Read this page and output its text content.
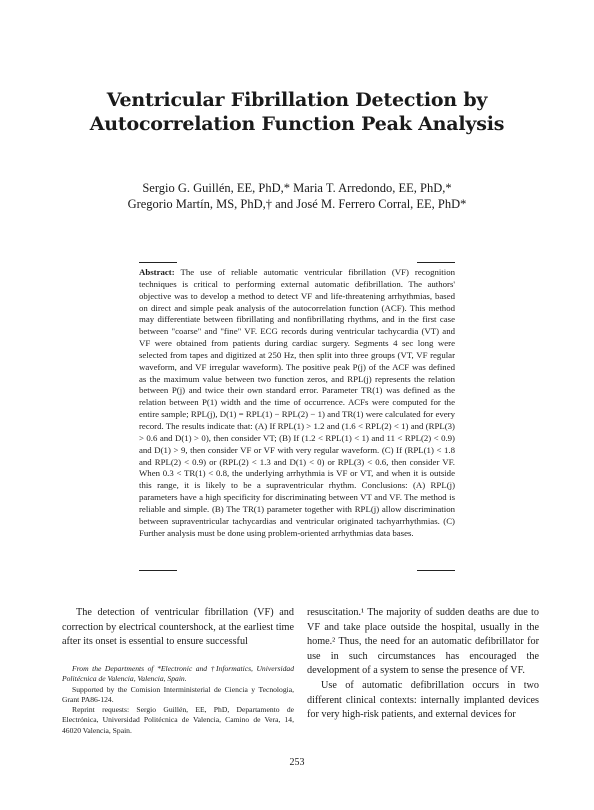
Ventricular Fibrillation Detection by
Autocorrelation Function Peak Analysis
Sergio G. Guillén, EE, PhD,* Maria T. Arredondo, EE, PhD,*
Gregorio Martín, MS, PhD,† and José M. Ferrero Corral, EE, PhD*
Abstract: The use of reliable automatic ventricular fibrillation (VF) recognition techniques is critical to performing external automatic defibrillation. The authors' objective was to develop a method to detect VF and life-threatening arrhythmias, based on direct and simple peak analysis of the autocorrelation function (ACF). This method may differentiate between fibrillating and nonfibrillating rhythms, and in the first case between "coarse" and "fine" VF. ECG records during ventricular tachycardia (VT) and VF were obtained from patients during cardiac surgery. Segments 4 sec long were selected from tapes and digitized at 250 Hz, then split into three groups (VT, VF regular waveform, and VF irregular waveform). The positive peak P(j) of the ACF was defined as the maximum value between two function zeros, and RPL(j) represents the relation between P(j) and twice their own standard error. Parameter TR(1) was defined as the relation between P(1) width and the time of occurrence. ACFs were computed for the entire sample; RPL(j), D(1) = RPL(1) − RPL(2) − 1) and TR(1) were calculated for every record. The results indicate that: (A) If RPL(1) > 1.2 and (1.6 < RPL(2) < 1) and (RPL(3) > 0.6 and D(1) > 0), then consider VT; (B) If (1.2 < RPL(1) < 1) and 11 < RPL(2) < 0.9) and D(1) > 9, then consider VF or VF with very regular waveform. (C) If (RPL(1) < 1.8 and RPL(2) < 0.9) or (RPL(2) < 1.3 and D(1) < 0) or RPL(3) < 0.6, then consider VF. When 0.3 < TR(1) < 0.8, the underlying arrhythmia is VF or VT, and when it is outside this range, it is likely to be a supraventricular rhythm. Conclusions: (A) RPL(j) parameters have a high specificity for discriminating between VT and VF. The method is reliable and simple. (B) The TR(1) parameter together with RPL(j) allow discrimination between supraventricular tachycardias and ventricular originated tachyarrhythmias. (C) Further analysis must be done using problem-oriented arrhythmias data bases.
The detection of ventricular fibrillation (VF) and correction by electrical countershock, at the earliest time after its onset is essential to ensure successful

From the Departments of *Electronic and †Informatics, Universidad Politécnica de Valencia, Valencia, Spain.

Supported by the Comision Interministerial de Ciencia y Tecnologia, Grant PA86-124.

Reprint requests: Sergio Guillén, EE, PhD, Departamento de Electrónica, Universidad Politécnica de Valencia, Camino de Vera, 14, 46020 Valencia, Spain.

resuscitation.¹ The majority of sudden deaths are due to VF and take place outside the hospital, usually in the home.² Thus, the need for an automatic defibrillator for use in such circumstances has encouraged the development of a system to sense the presence of VF.

Use of automatic defibrillation occurs in two different clinical contexts: internally implanted devices for very high-risk patients, and external devices for

253
